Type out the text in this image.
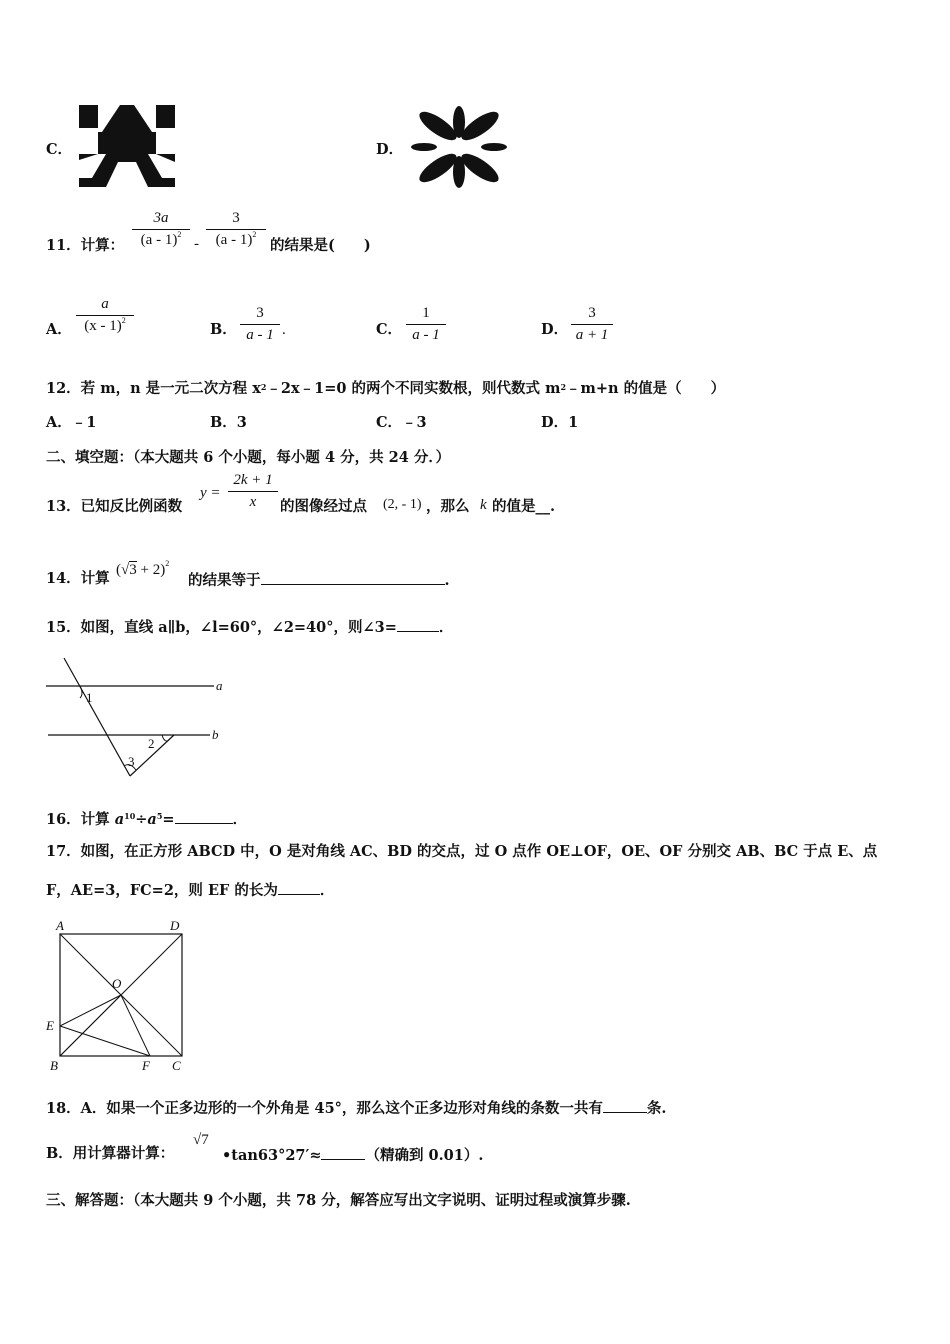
C．	D．
11．计算： $\frac{3a}{(a - 1)^2} - \frac{3}{(a - 1)^2}$ 的结果是(　　)
A． $\frac{a}{(x - 1)^2}$	B． $\frac{3}{a - 1}$ .	C． $\frac{1}{a - 1}$	D． $\frac{3}{a + 1}$
12．若 m，n 是一元二次方程 $x^2﹣2x﹣1=0$ 的两个不同实数根，则代数式 $m^2﹣m+n$ 的值是（　　）
A．﹣1	B．3	C．﹣3	D．1
二、填空题：（本大题共 6 个小题，每小题 4 分，共 24 分．）
13．已知反比例函数
$y = \frac{2k + 1}{x}$ 的图像经过点 (2, - 1) ，那么 k 的值是__.
14．计算 $(√3 + 2)^2$
的结果等于	.
15．如图，直线 a∥b，∠l=60°，∠2=40°，则∠3=	．
a
b
1
2
3
16．计算 $a^{10}\div a^5=$	．
17．如图，在正方形 ABCD 中，O 是对角线 AC、BD 的交点，过 O 点作 OE⊥OF，OE、OF 分别交 AB、BC 于点 E、点
F，AE=3，FC=2，则 EF 的长为	．
A	D
O
E
B	F C
18．A．如果一个正多边形的一个外角是 45°，那么这个正多边形对角线的条数一共有	条.
B．用计算器计算：
√7
•tan63°27′≈	（精确到 0.01）.
三、解答题：（本大题共 9 个小题，共 78 分，解答应写出文字说明、证明过程或演算步骤.
